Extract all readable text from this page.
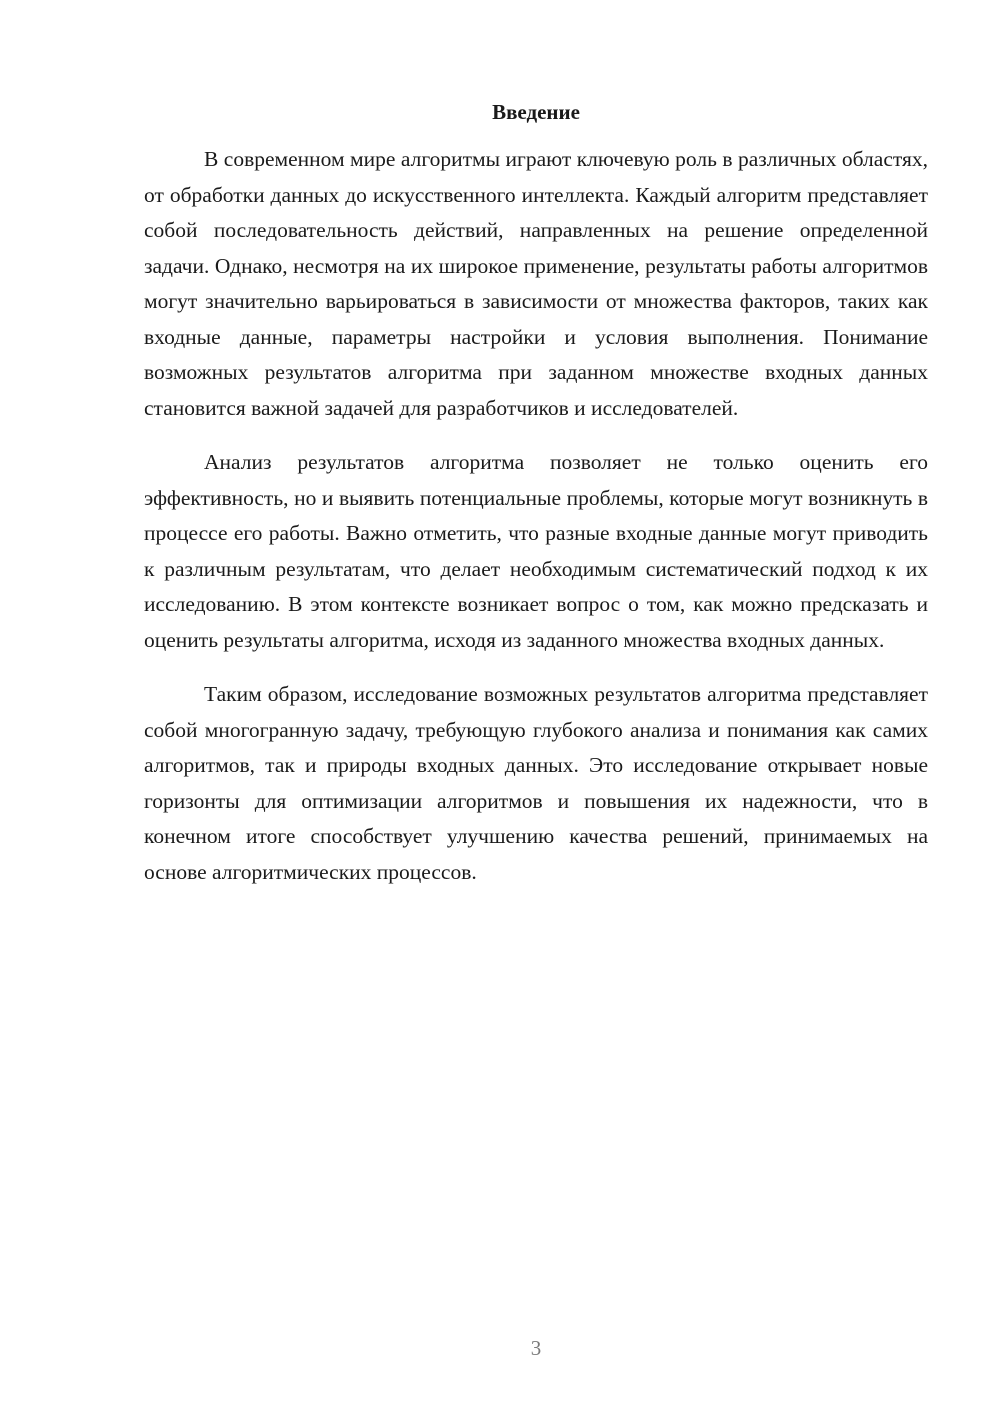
Введение

В современном мире алгоритмы играют ключевую роль в различных областях, от обработки данных до искусственного интеллекта. Каждый алгоритм представляет собой последовательность действий, направленных на решение определенной задачи. Однако, несмотря на их широкое применение, результаты работы алгоритмов могут значительно варьироваться в зависимости от множества факторов, таких как входные данные, параметры настройки и условия выполнения. Понимание возможных результатов алгоритма при заданном множестве входных данных становится важной задачей для разработчиков и исследователей.

Анализ результатов алгоритма позволяет не только оценить его эффективность, но и выявить потенциальные проблемы, которые могут возникнуть в процессе его работы. Важно отметить, что разные входные данные могут приводить к различным результатам, что делает необходимым систематический подход к их исследованию. В этом контексте возникает вопрос о том, как можно предсказать и оценить результаты алгоритма, исходя из заданного множества входных данных.

Таким образом, исследование возможных результатов алгоритма представляет собой многогранную задачу, требующую глубокого анализа и понимания как самих алгоритмов, так и природы входных данных. Это исследование открывает новые горизонты для оптимизации алгоритмов и повышения их надежности, что в конечном итоге способствует улучшению качества решений, принимаемых на основе алгоритмических процессов.

3
